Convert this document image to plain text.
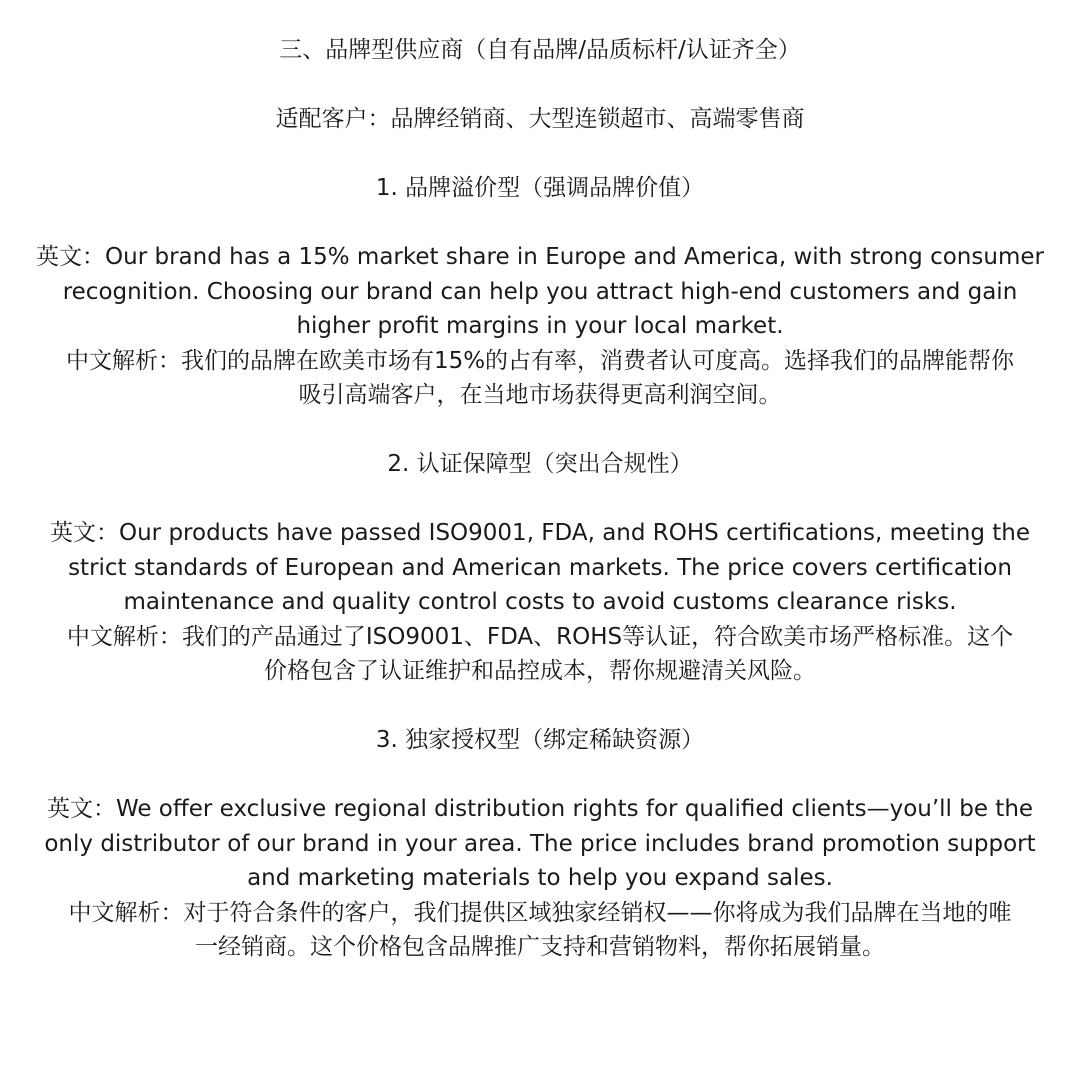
三、品牌型供应商（自有品牌/品质标杆/认证齐全）

适配客户：品牌经销商、大型连锁超市、高端零售商

1. 品牌溢价型（强调品牌价值）

英文：Our brand has a 15% market share in Europe and America, with strong consumer
recognition. Choosing our brand can help you attract high-end customers and gain
higher profit margins in your local market.

中文解析：我们的品牌在欧美市场有15%的占有率，消费者认可度高。选择我们的品牌能帮你
吸引高端客户，在当地市场获得更高利润空间。

2. 认证保障型（突出合规性）

英文：Our products have passed ISO9001, FDA, and ROHS certifications, meeting the
strict standards of European and American markets. The price covers certification
maintenance and quality control costs to avoid customs clearance risks.

中文解析：我们的产品通过了ISO9001、FDA、ROHS等认证，符合欧美市场严格标准。这个
价格包含了认证维护和品控成本，帮你规避清关风险。

3. 独家授权型（绑定稀缺资源）

英文：We offer exclusive regional distribution rights for qualified clients—you’ll be the
only distributor of our brand in your area. The price includes brand promotion support
and marketing materials to help you expand sales.

中文解析：对于符合条件的客户，我们提供区域独家经销权——你将成为我们品牌在当地的唯
一经销商。这个价格包含品牌推广支持和营销物料，帮你拓展销量。
